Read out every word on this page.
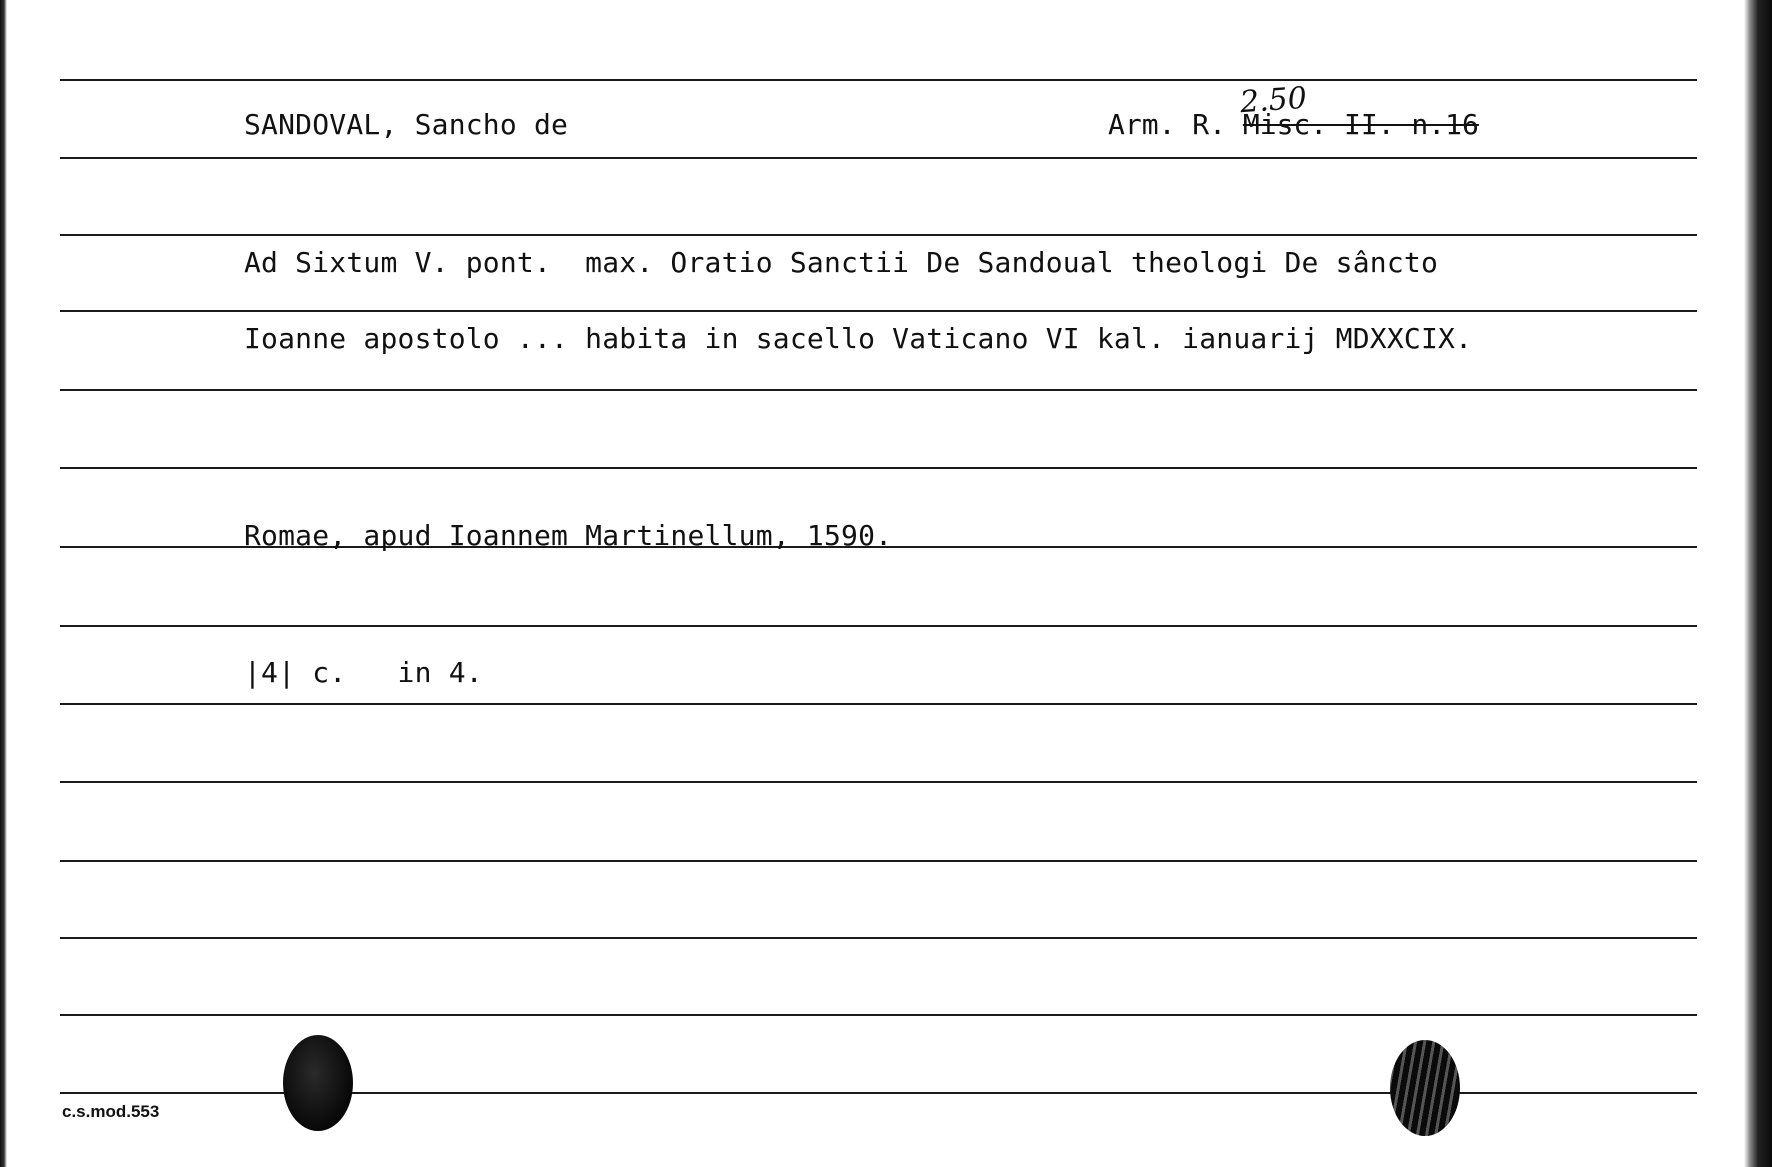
SANDOVAL, Sancho de	Arm. R. Misc. II. n.16
2.50
Ad Sixtum V. pont.  max. Oratio Sanctii De Sandoual theologi De sâncto
Ioanne apostolo ... habita in sacello Vaticano VI kal. ianuarij MDXXCIX.
Romae, apud Ioannem Martinellum, 1590.
|4| c.   in 4.
c.s.mod.553
